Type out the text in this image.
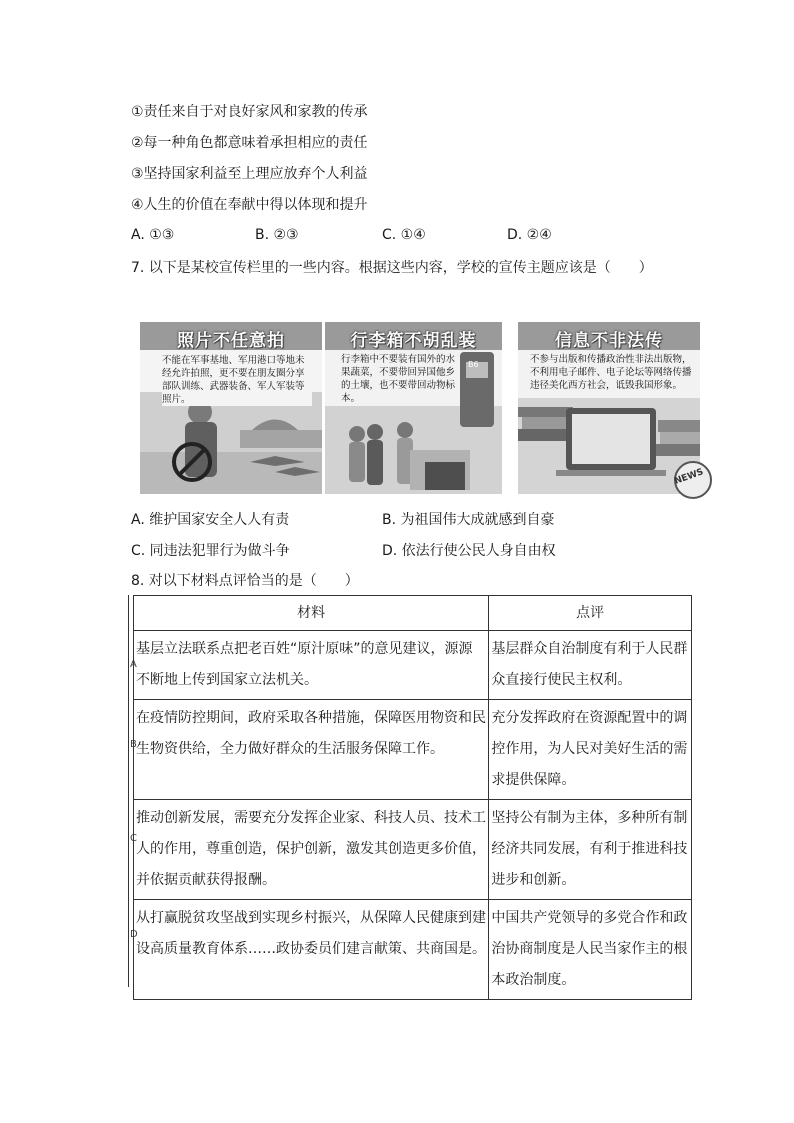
①责任来自于对良好家风和家教的传承
②每一种角色都意味着承担相应的责任
③坚持国家利益至上理应放弃个人利益
④人生的价值在奉献中得以体现和提升
A. ①③	B. ②③	C. ①④	D. ②④
7. 以下是某校宣传栏里的一些内容。根据这些内容，学校的宣传主题应该是（　　）
照片不任意拍
不能在军事基地、军用港口等地未经允许拍照，更不要在朋友圈分享部队训练、武器装备、军人军装等照片。
行李箱不胡乱装
行李箱中不要装有国外的水果蔬菜，不要带回异国他乡的土壤，也不要带回动物标本。
B6
信息不非法传
不参与出版和传播政治性非法出版物，不利用电子邮件、电子论坛等网络传播违径美化西方社会，诋毁我国形象。
NEWS
A. 维护国家安全人人有责	B. 为祖国伟大成就感到自豪
C. 同违法犯罪行为做斗争	D. 依法行使公民人身自由权
8. 对以下材料点评恰当的是（　　）
A
B
C
D
材料	点评
基层立法联系点把老百姓“原汁原味”的意见建议，源源不断地上传到国家立法机关。	基层群众自治制度有利于人民群众直接行使民主权利。
在疫情防控期间，政府采取各种措施，保障医用物资和民生物资供给，全力做好群众的生活服务保障工作。	充分发挥政府在资源配置中的调控作用，为人民对美好生活的需求提供保障。
推动创新发展，需要充分发挥企业家、科技人员、技术工人的作用，尊重创造，保护创新，激发其创造更多价值，并依据贡献获得报酬。	坚持公有制为主体，多种所有制经济共同发展，有利于推进科技进步和创新。
从打赢脱贫攻坚战到实现乡村振兴，从保障人民健康到建设高质量教育体系……政协委员们建言献策、共商国是。	中国共产党领导的多党合作和政治协商制度是人民当家作主的根本政治制度。
